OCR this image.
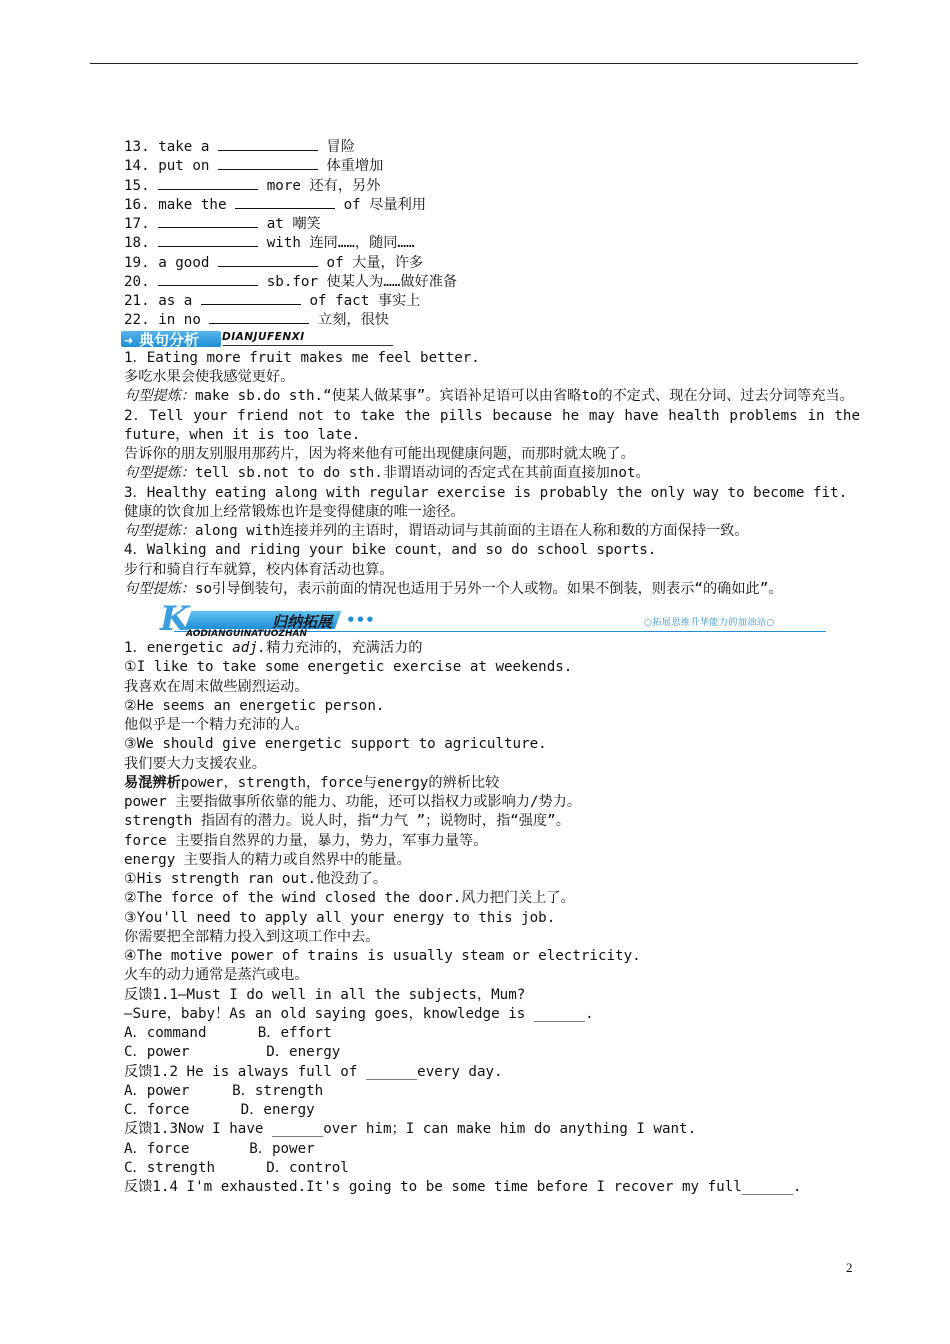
13. take a	冒险
14. put on	体重增加
15.	more 还有，另外
16. make the	of 尽量利用
17.	at 嘲笑
18.	with 连同……，随同……
19. a good	of 大量，许多
20.	sb.for 使某人为……做好准备
21. as a	of fact 事实上
22. in no	立刻，很快
➜ 典句分析 DIANJUFENXI
1．Eating more fruit makes me feel better.
多吃水果会使我感觉更好。
句型提炼：make sb.do sth.“使某人做某事”。宾语补足语可以由省略to的不定式、现在分词、过去分词等充当。
2．Tell your friend not to take the pills because he may have health problems in the future，when it is too late.
告诉你的朋友别服用那药片，因为将来他有可能出现健康问题，而那时就太晚了。
句型提炼：tell sb.not to do sth.非谓语动词的否定式在其前面直接加not。
3．Healthy eating along with regular exercise is probably the only way to become fit.
健康的饮食加上经常锻炼也许是变得健康的唯一途径。
句型提炼：along with连接并列的主语时，谓语动词与其前面的主语在人称和数的方面保持一致。
4．Walking and riding your bike count，and so do school sports.
步行和骑自行车就算，校内体育活动也算。
句型提炼：so引导倒装句，表示前面的情况也适用于另外一个人或物。如果不倒装，则表示“的确如此”。
K	归纳拓展 •••	○拓展思维升华能力的加油站○
AODIANGUINATUOZHAN
1．energetic adj.精力充沛的，充满活力的
①I like to take some energetic exercise at weekends.
我喜欢在周末做些剧烈运动。
②He seems an energetic person.
他似乎是一个精力充沛的人。
③We should give energetic support to agriculture.
我们要大力支援农业。
易混辨析power，strength，force与energy的辨析比较
power 主要指做事所依靠的能力、功能，还可以指权力或影响力/势力。
strength 指固有的潜力。说人时，指“力气 ”；说物时，指“强度”。
force 主要指自然界的力量，暴力，势力，军事力量等。
energy 主要指人的精力或自然界中的能量。
①His strength ran out.他没劲了。
②The force of the wind closed the door.风力把门关上了。
③You'll need to apply all your energy to this job.
你需要把全部精力投入到这项工作中去。
④The motive power of trains is usually steam or electricity.
火车的动力通常是蒸汽或电。
反馈1.1—Must I do well in all the subjects，Mum?
—Sure，baby！As an old saying goes，knowledge is ______.
A．command      B．effort
C．power         D．energy
反馈1.2 He is always full of ______every day.
A．power     B．strength
C．force      D．energy
反馈1.3Now I have ______over him；I can make him do anything I want.
A．force       B．power
C．strength      D．control
反馈1.4 I'm exhausted.It's going to be some time before I recover my full______.
2
